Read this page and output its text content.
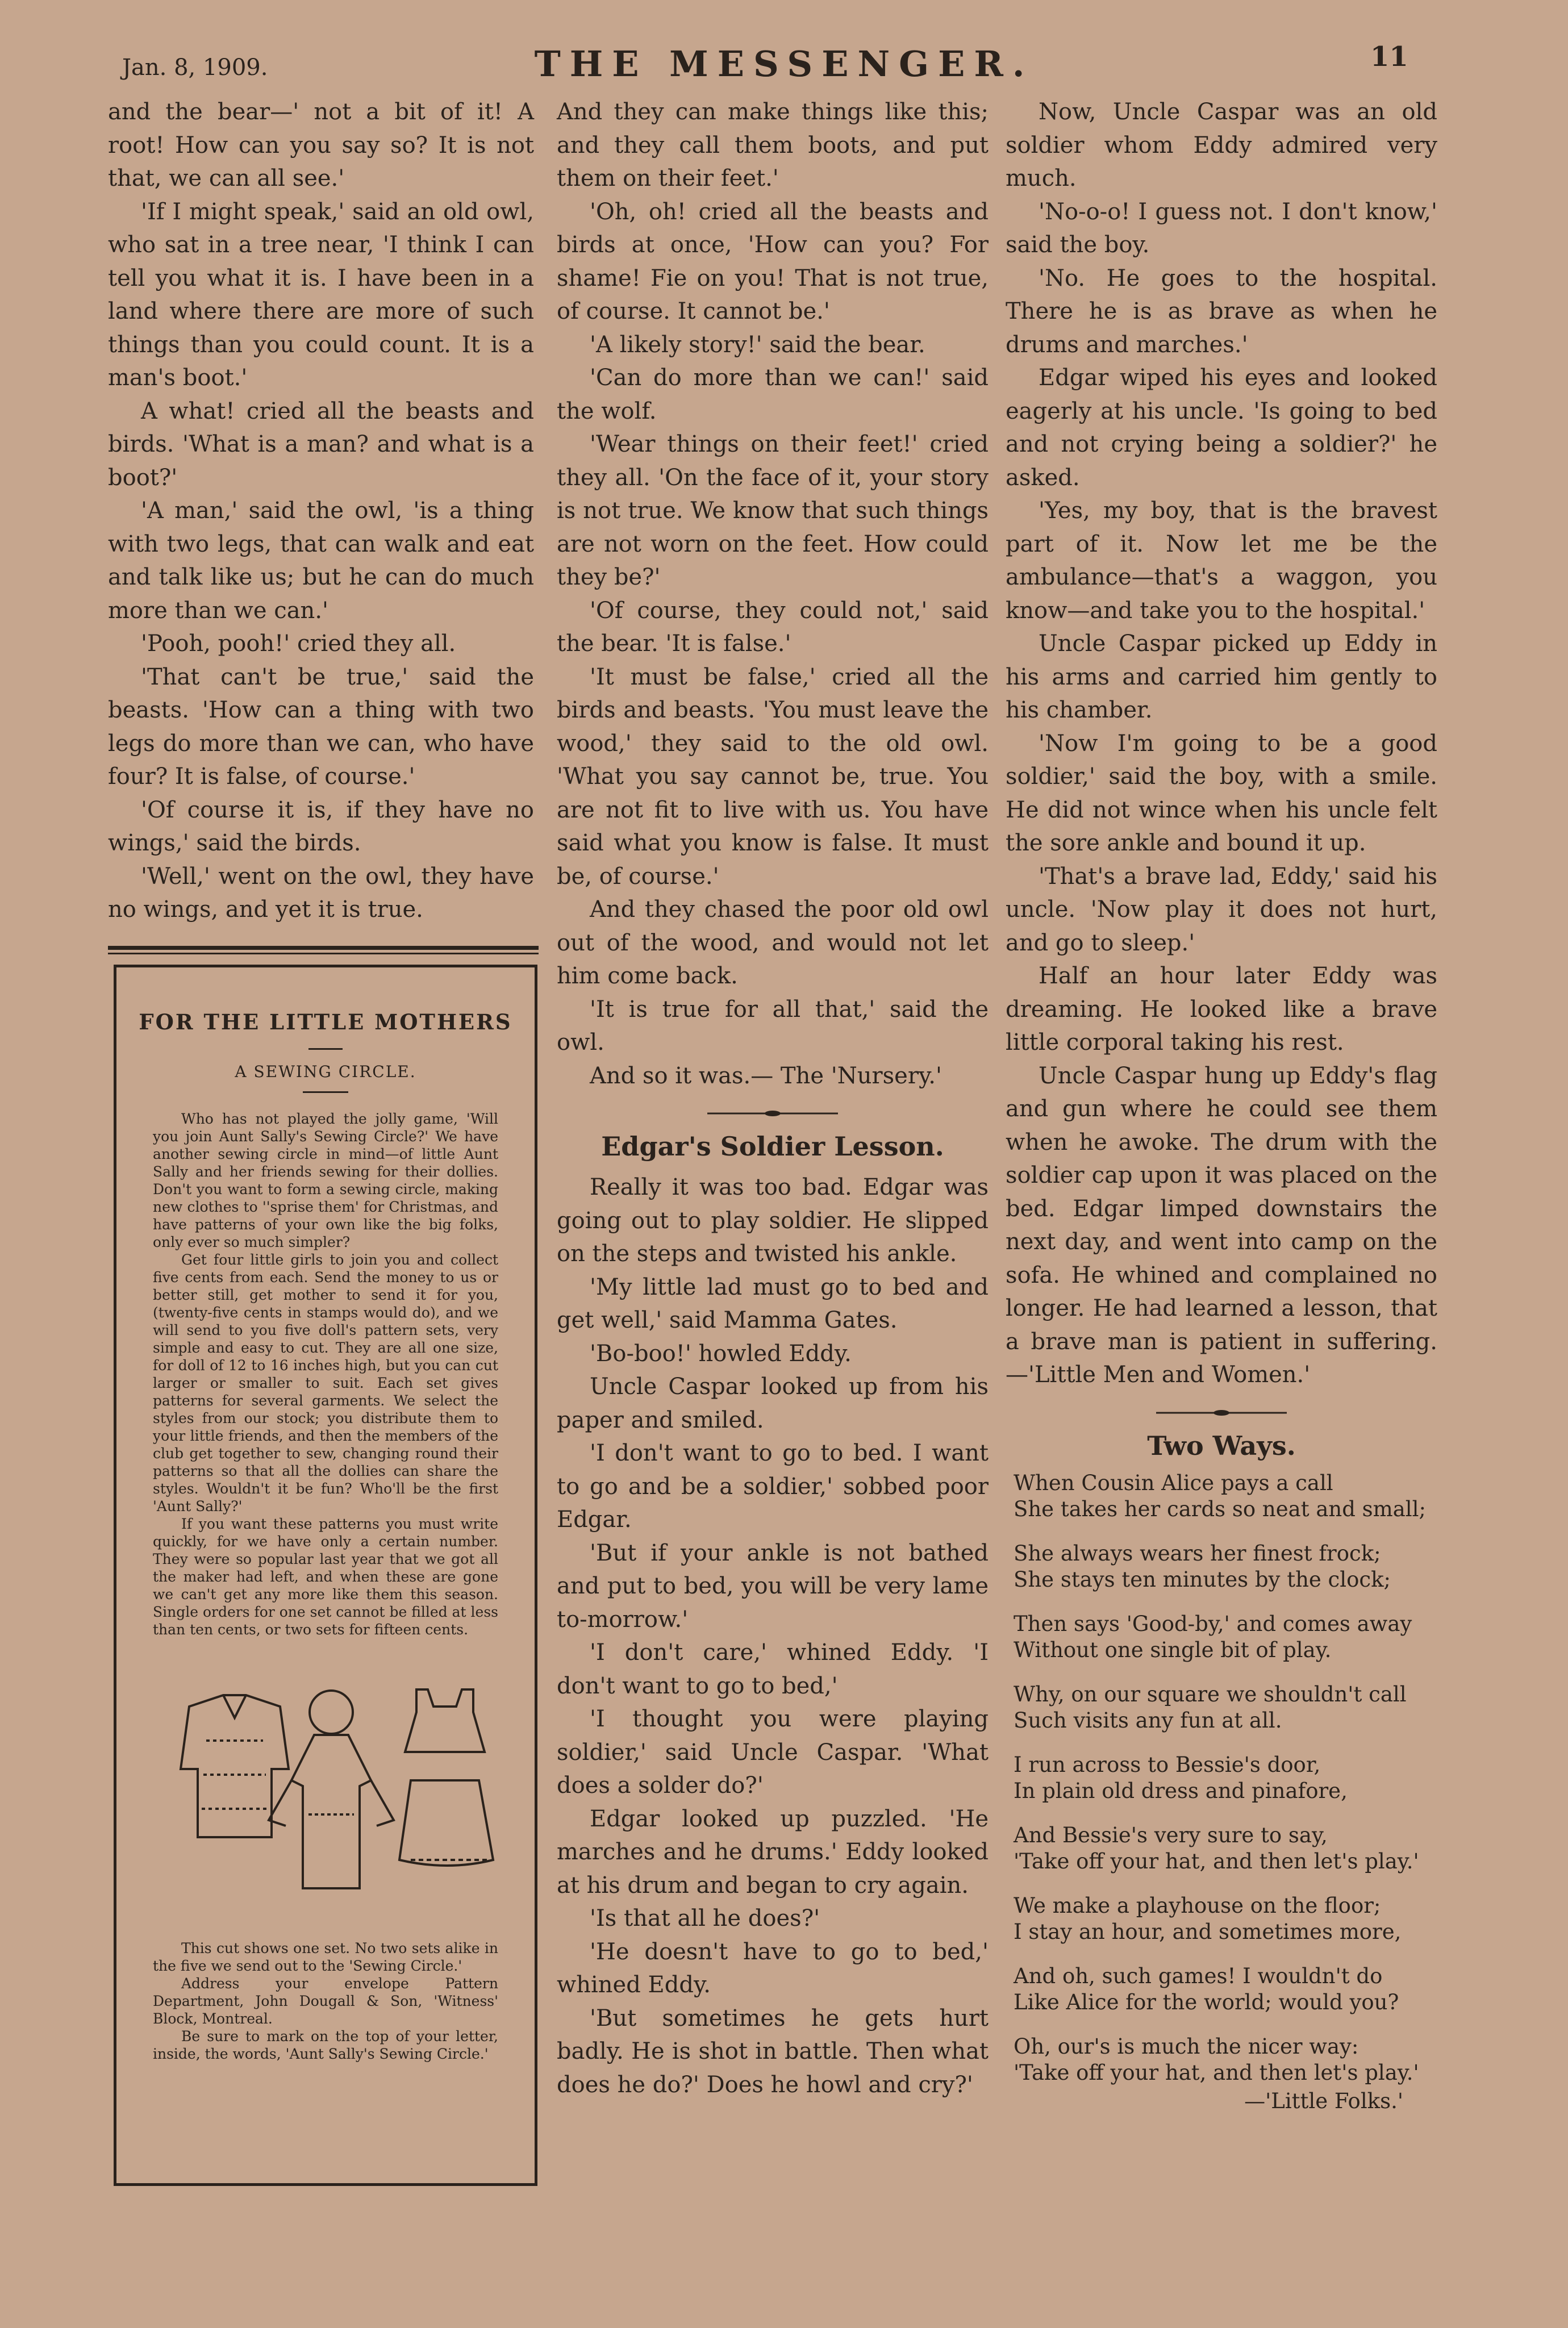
Jan. 8, 1909.	THE MESSENGER.	11

and the bear—' not a bit of it! A root! How can you say so? It is not that, we can all see.'

'If I might speak,' said an old owl, who sat in a tree near, 'I think I can tell you what it is. I have been in a land where there are more of such things than you could count. It is a man's boot.'

A what! cried all the beasts and birds. 'What is a man? and what is a boot?'

'A man,' said the owl, 'is a thing with two legs, that can walk and eat and talk like us; but he can do much more than we can.'

'Pooh, pooh!' cried they all.

'That can't be true,' said the beasts. 'How can a thing with two legs do more than we can, who have four? It is false, of course.'

'Of course it is, if they have no wings,' said the birds.

'Well,' went on the owl, they have no wings, and yet it is true.

FOR THE LITTLE MOTHERS
A SEWING CIRCLE.

Who has not played the jolly game, 'Will you join Aunt Sally's Sewing Circle?' We have another sewing circle in mind—of little Aunt Sally and her friends sewing for their dollies. Don't you want to form a sewing circle, making new clothes to ''sprise them' for Christmas, and have patterns of your own like the big folks, only ever so much simpler?

Get four little girls to join you and collect five cents from each. Send the money to us or better still, get mother to send it for you, (twenty-five cents in stamps would do), and we will send to you five doll's pattern sets, very simple and easy to cut. They are all one size, for doll of 12 to 16 inches high, but you can cut larger or smaller to suit. Each set gives patterns for several garments. We select the styles from our stock; you distribute them to your little friends, and then the members of the club get together to sew, changing round their patterns so that all the dollies can share the styles. Wouldn't it be fun? Who'll be the first 'Aunt Sally?'

If you want these patterns you must write quickly, for we have only a certain number. They were so popular last year that we got all the maker had left, and when these are gone we can't get any more like them this season. Single orders for one set cannot be filled at less than ten cents, or two sets for fifteen cents.

This cut shows one set. No two sets alike in the five we send out to the 'Sewing Circle.'

Address your envelope Pattern Department, John Dougall & Son, 'Witness' Block, Montreal.

Be sure to mark on the top of your letter, inside, the words, 'Aunt Sally's Sewing Circle.'

And they can make things like this; and they call them boots, and put them on their feet.'

'Oh, oh! cried all the beasts and birds at once, 'How can you? For shame! Fie on you! That is not true, of course. It cannot be.'

'A likely story!' said the bear.

'Can do more than we can!' said the wolf.

'Wear things on their feet!' cried they all. 'On the face of it, your story is not true. We know that such things are not worn on the feet. How could they be?'

'Of course, they could not,' said the bear. 'It is false.'

'It must be false,' cried all the birds and beasts. 'You must leave the wood,' they said to the old owl. 'What you say cannot be, true. You are not fit to live with us. You have said what you know is false. It must be, of course.'

And they chased the poor old owl out of the wood, and would not let him come back.

'It is true for all that,' said the owl.

And so it was.— The 'Nursery.'

Edgar's Soldier Lesson.

Really it was too bad. Edgar was going out to play soldier. He slipped on the steps and twisted his ankle.

'My little lad must go to bed and get well,' said Mamma Gates.

'Bo-boo!' howled Eddy.

Uncle Caspar looked up from his paper and smiled.

'I don't want to go to bed. I want to go and be a soldier,' sobbed poor Edgar.

'But if your ankle is not bathed and put to bed, you will be very lame to-morrow.'

'I don't care,' whined Eddy. 'I don't want to go to bed,'

'I thought you were playing soldier,' said Uncle Caspar. 'What does a solder do?'

Edgar looked up puzzled. 'He marches and he drums.' Eddy looked at his drum and began to cry again.

'Is that all he does?'

'He doesn't have to go to bed,' whined Eddy.

'But sometimes he gets hurt badly. He is shot in battle. Then what does he do?' Does he howl and cry?'

Now, Uncle Caspar was an old soldier whom Eddy admired very much.

'No-o-o! I guess not. I don't know,' said the boy.

'No. He goes to the hospital. There he is as brave as when he drums and marches.'

Edgar wiped his eyes and looked eagerly at his uncle. 'Is going to bed and not crying being a soldier?' he asked.

'Yes, my boy, that is the bravest part of it. Now let me be the ambulance—that's a waggon, you know—and take you to the hospital.'

Uncle Caspar picked up Eddy in his arms and carried him gently to his chamber.

'Now I'm going to be a good soldier,' said the boy, with a smile. He did not wince when his uncle felt the sore ankle and bound it up.

'That's a brave lad, Eddy,' said his uncle. 'Now play it does not hurt, and go to sleep.'

Half an hour later Eddy was dreaming. He looked like a brave little corporal taking his rest.

Uncle Caspar hung up Eddy's flag and gun where he could see them when he awoke. The drum with the soldier cap upon it was placed on the bed. Edgar limped downstairs the next day, and went into camp on the sofa. He whined and complained no longer. He had learned a lesson, that a brave man is patient in suffering.—'Little Men and Women.'

Two Ways.
When Cousin Alice pays a call
She takes her cards so neat and small;
She always wears her finest frock;
She stays ten minutes by the clock;
Then says 'Good-by,' and comes away
Without one single bit of play.
Why, on our square we shouldn't call
Such visits any fun at all.
I run across to Bessie's door,
In plain old dress and pinafore,
And Bessie's very sure to say,
'Take off your hat, and then let's play.'
We make a playhouse on the floor;
I stay an hour, and sometimes more,
And oh, such games! I wouldn't do
Like Alice for the world; would you?
Oh, our's is much the nicer way:
'Take off your hat, and then let's play.'
—'Little Folks.'
